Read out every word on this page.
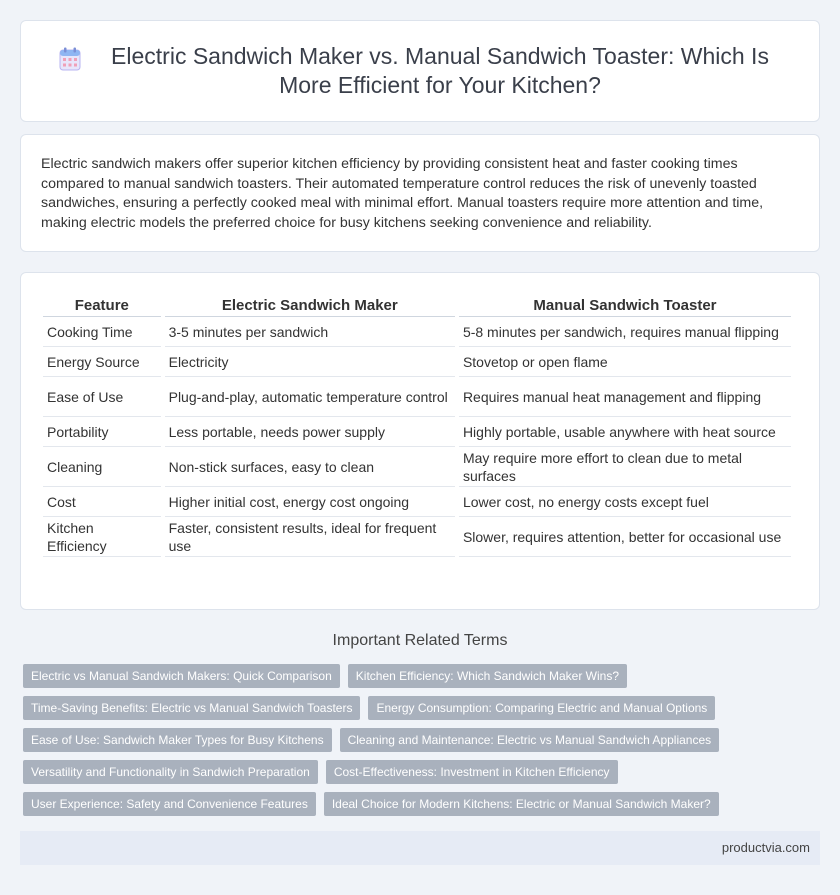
Electric Sandwich Maker vs. Manual Sandwich Toaster: Which Is More Efficient for Your Kitchen?

Electric sandwich makers offer superior kitchen efficiency by providing consistent heat and faster cooking times compared to manual sandwich toasters. Their automated temperature control reduces the risk of unevenly toasted sandwiches, ensuring a perfectly cooked meal with minimal effort. Manual toasters require more attention and time, making electric models the preferred choice for busy kitchens seeking convenience and reliability.

Feature	Electric Sandwich Maker	Manual Sandwich Toaster
Cooking Time	3-5 minutes per sandwich	5-8 minutes per sandwich, requires manual flipping
Energy Source	Electricity	Stovetop or open flame
Ease of Use	Plug-and-play, automatic temperature control	Requires manual heat management and flipping
Portability	Less portable, needs power supply	Highly portable, usable anywhere with heat source
Cleaning	Non-stick surfaces, easy to clean	May require more effort to clean due to metal surfaces
Cost	Higher initial cost, energy cost ongoing	Lower cost, no energy costs except fuel
Kitchen Efficiency	Faster, consistent results, ideal for frequent use	Slower, requires attention, better for occasional use
Important Related Terms
Electric vs Manual Sandwich Makers: Quick Comparison	Kitchen Efficiency: Which Sandwich Maker Wins?
Time-Saving Benefits: Electric vs Manual Sandwich Toasters	Energy Consumption: Comparing Electric and Manual Options
Ease of Use: Sandwich Maker Types for Busy Kitchens	Cleaning and Maintenance: Electric vs Manual Sandwich Appliances
Versatility and Functionality in Sandwich Preparation	Cost-Effectiveness: Investment in Kitchen Efficiency
User Experience: Safety and Convenience Features	Ideal Choice for Modern Kitchens: Electric or Manual Sandwich Maker?
productvia.com
